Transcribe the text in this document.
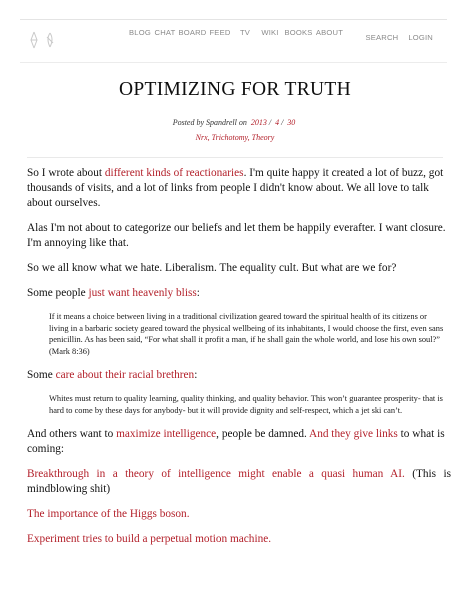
BLOG CHAT BOARD FEED	TV	WIKI BOOKS ABOUT
SEARCH LOGIN
OPTIMIZING FOR TRUTH
Posted by Spandrell on 2013 / 4 / 30
Nrx, Trichotomy, Theory

So I wrote about different kinds of reactionaries. I'm quite happy it created a lot of buzz, got thousands of visits, and a lot of links from people I didn't know about. We all love to talk about ourselves.

Alas I'm not about to categorize our beliefs and let them be happily everafter. I want closure. I'm annoying like that.

So we all know what we hate. Liberalism. The equality cult. But what are we for?

Some people just want heavenly bliss:

If it means a choice between living in a traditional civilization geared toward the spiritual health of its citizens or living in a barbaric society geared toward the physical wellbeing of its inhabitants, I would choose the first, even sans penicillin. As has been said, “For what shall it profit a man, if he shall gain the whole world, and lose his own soul?” (Mark 8:36)

Some care about their racial brethren:

Whites must return to quality learning, quality thinking, and quality behavior. This won’t guarantee prosperity- that is hard to come by these days for anybody- but it will provide dignity and self-respect, which a jet ski can’t.

And others want to maximize intelligence, people be damned. And they give links to what is coming:

Breakthrough in a theory of intelligence might enable a quasi human AI. (This is mindblowing shit)

The importance of the Higgs boson.

Experiment tries to build a perpetual motion machine.
